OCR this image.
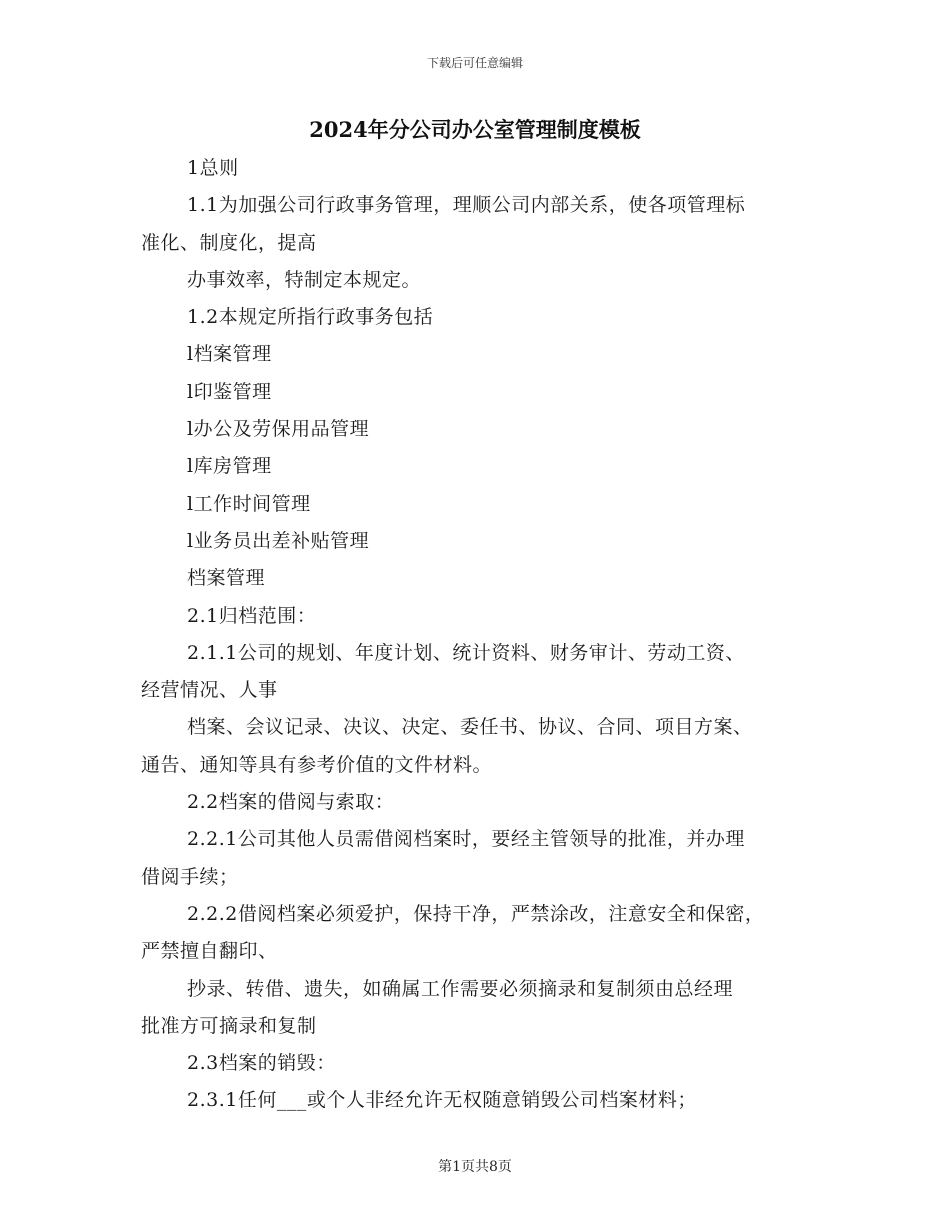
下载后可任意编辑
2024年分公司办公室管理制度模板
1总则
1.1为加强公司行政事务管理，理顺公司内部关系，使各项管理标
准化、制度化，提高
办事效率，特制定本规定。
1.2本规定所指行政事务包括
l档案管理
l印鉴管理
l办公及劳保用品管理
l库房管理
l工作时间管理
l业务员出差补贴管理
档案管理
2.1归档范围：
2.1.1公司的规划、年度计划、统计资料、财务审计、劳动工资、
经营情况、人事
档案、会议记录、决议、决定、委任书、协议、合同、项目方案、
通告、通知等具有参考价值的文件材料。
2.2档案的借阅与索取：
2.2.1公司其他人员需借阅档案时，要经主管领导的批准，并办理
借阅手续；
2.2.2借阅档案必须爱护，保持干净，严禁涂改，注意安全和保密，
严禁擅自翻印、
抄录、转借、遗失，如确属工作需要必须摘录和复制须由总经理
批准方可摘录和复制
2.3档案的销毁：
2.3.1任何___或个人非经允许无权随意销毁公司档案材料；
第1页共8页
